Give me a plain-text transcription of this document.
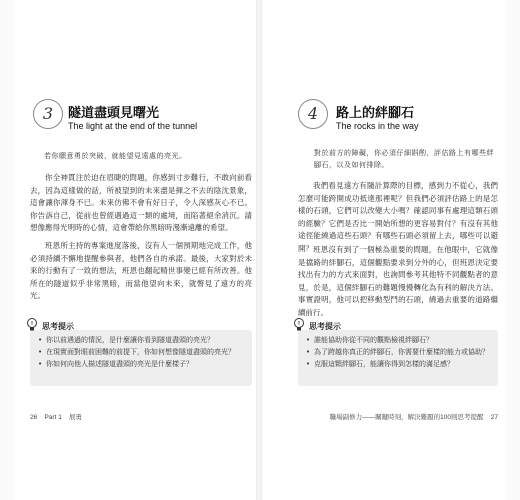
3	隧道盡頭見曙光
The light at the end of the tunnel
若你願意勇於突破，就能望見遠處的亮光。

你全神貫注於迫在眉睫的問題，你感到寸步難行，不敢向前看去，因為這樣做的話，所被望到的未來盡是揮之不去的陰沈景象，這會讓你渾身不已。未來仿佛不會有好日子，令人深感灰心不已。你告訴自己，從前也曾經遇過這一類的處境，而陷著絕余消沉。請想像應得光明時的心情，這會帶給你黑暗時漫漸遠離的希望。

班恩所主持的專案進度落後，沒有人一個預期地完成工作，他必須持續不懈地提醒參與者，他們各自的承諾。最後，大家對於未來的行動有了一致的想法，班恩也翻起精世事變已經有所改善。他所在的隧道似乎非常黑暗，而當他望向未來，就瞥見了遠方的亮光。

思考提示
• 你以前遇過的情況，是什麼讓你看到隧道盡頭的亮光？
• 在現實面對眼前困難的前提下，你如何想像隧道盡頭的亮光？
• 你如何向他人描述隧道盡頭的亮光是什麼樣子？
26 Part 1 展勇
4	路上的絆腳石
The rocks in the way
對於前方的障礙，你必須仔細斟酌，評估路上有哪些絆腳石，以及如何排除。

我們看見遠方有隨計算際的目標，感到力不從心，我們怎麼可能跨開成功抵達那裡呢？但我們必須評估路上的是怎樣的石頭，它們可以改變大小嗎？確認同事有處理這類石頭的經驗？它們是否比一開始所想的更容易對付？有沒有其他途徑能繞過這些石頭？有哪些石頭必須留上去，哪些可以避開？ 班恩沒有到了一個極為重要的問題，在他眼中，它就像是擋路的絆腳石，這個觀點要求到分外的心，但班恩決定要找出有力的方式來面對，也詢問參考其他特不同觀點者的意見，於是，這個絆腳石的難題慢慢轉化為有利的解決方法。事實證明，他可以把移動型鬥的石頭，繞過去重要的道路繼續前行。

思考提示
• 誰能協助你從不同的觀點檢視絆腳石？
• 為了跨越你真正的絆腳石，你需要什麼樣的能力或協助？
• 克服這顆絆腳石，能讓你得到怎樣的滿足感？
職場副修力——關鍵時刻，解決難題的100則思考提醒 27
